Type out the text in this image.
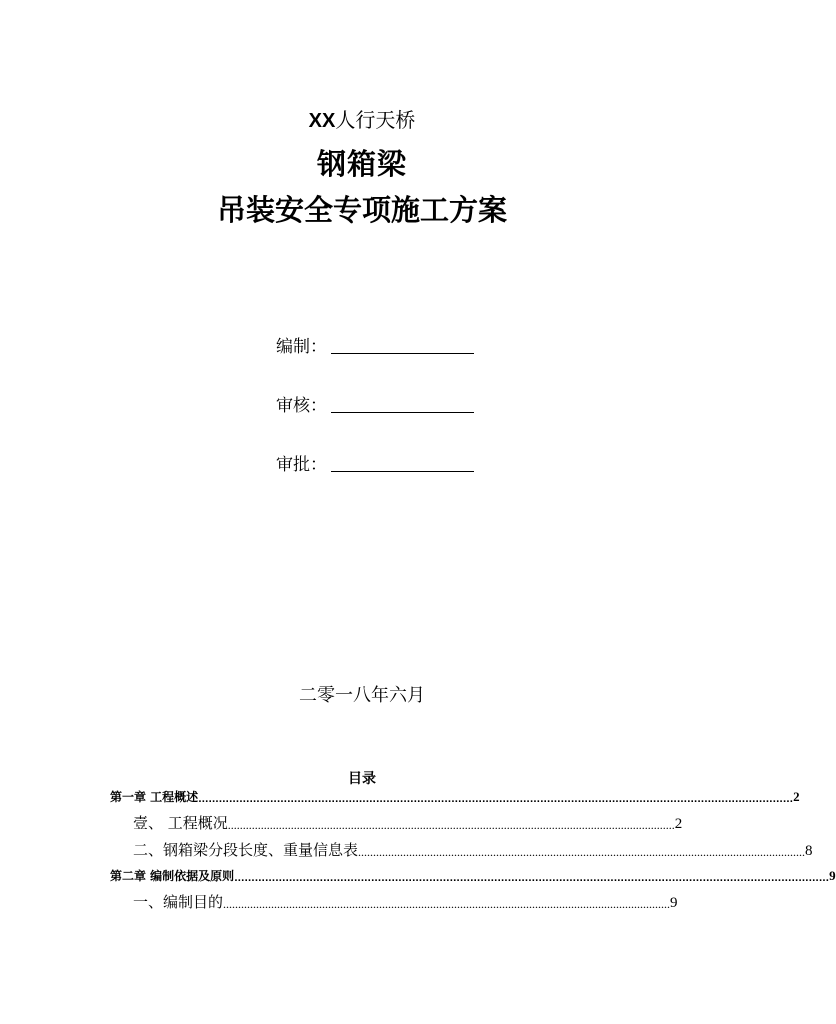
XX人行天桥
钢箱梁
吊装安全专项施工方案
编制：
审核：
审批：
二零一八年六月
目录
第一章 工程概述 .............................................................................................................................................................................. 2
壹、 工程概况 ..................................................................................................................................................... 2
二、钢箱梁分段长度、重量信息表 ..................................................................................................................................................... 8
第二章 编制依据及原则 .............................................................................................................................................................................. 9
一、编制目的 ..................................................................................................................................................... 9
